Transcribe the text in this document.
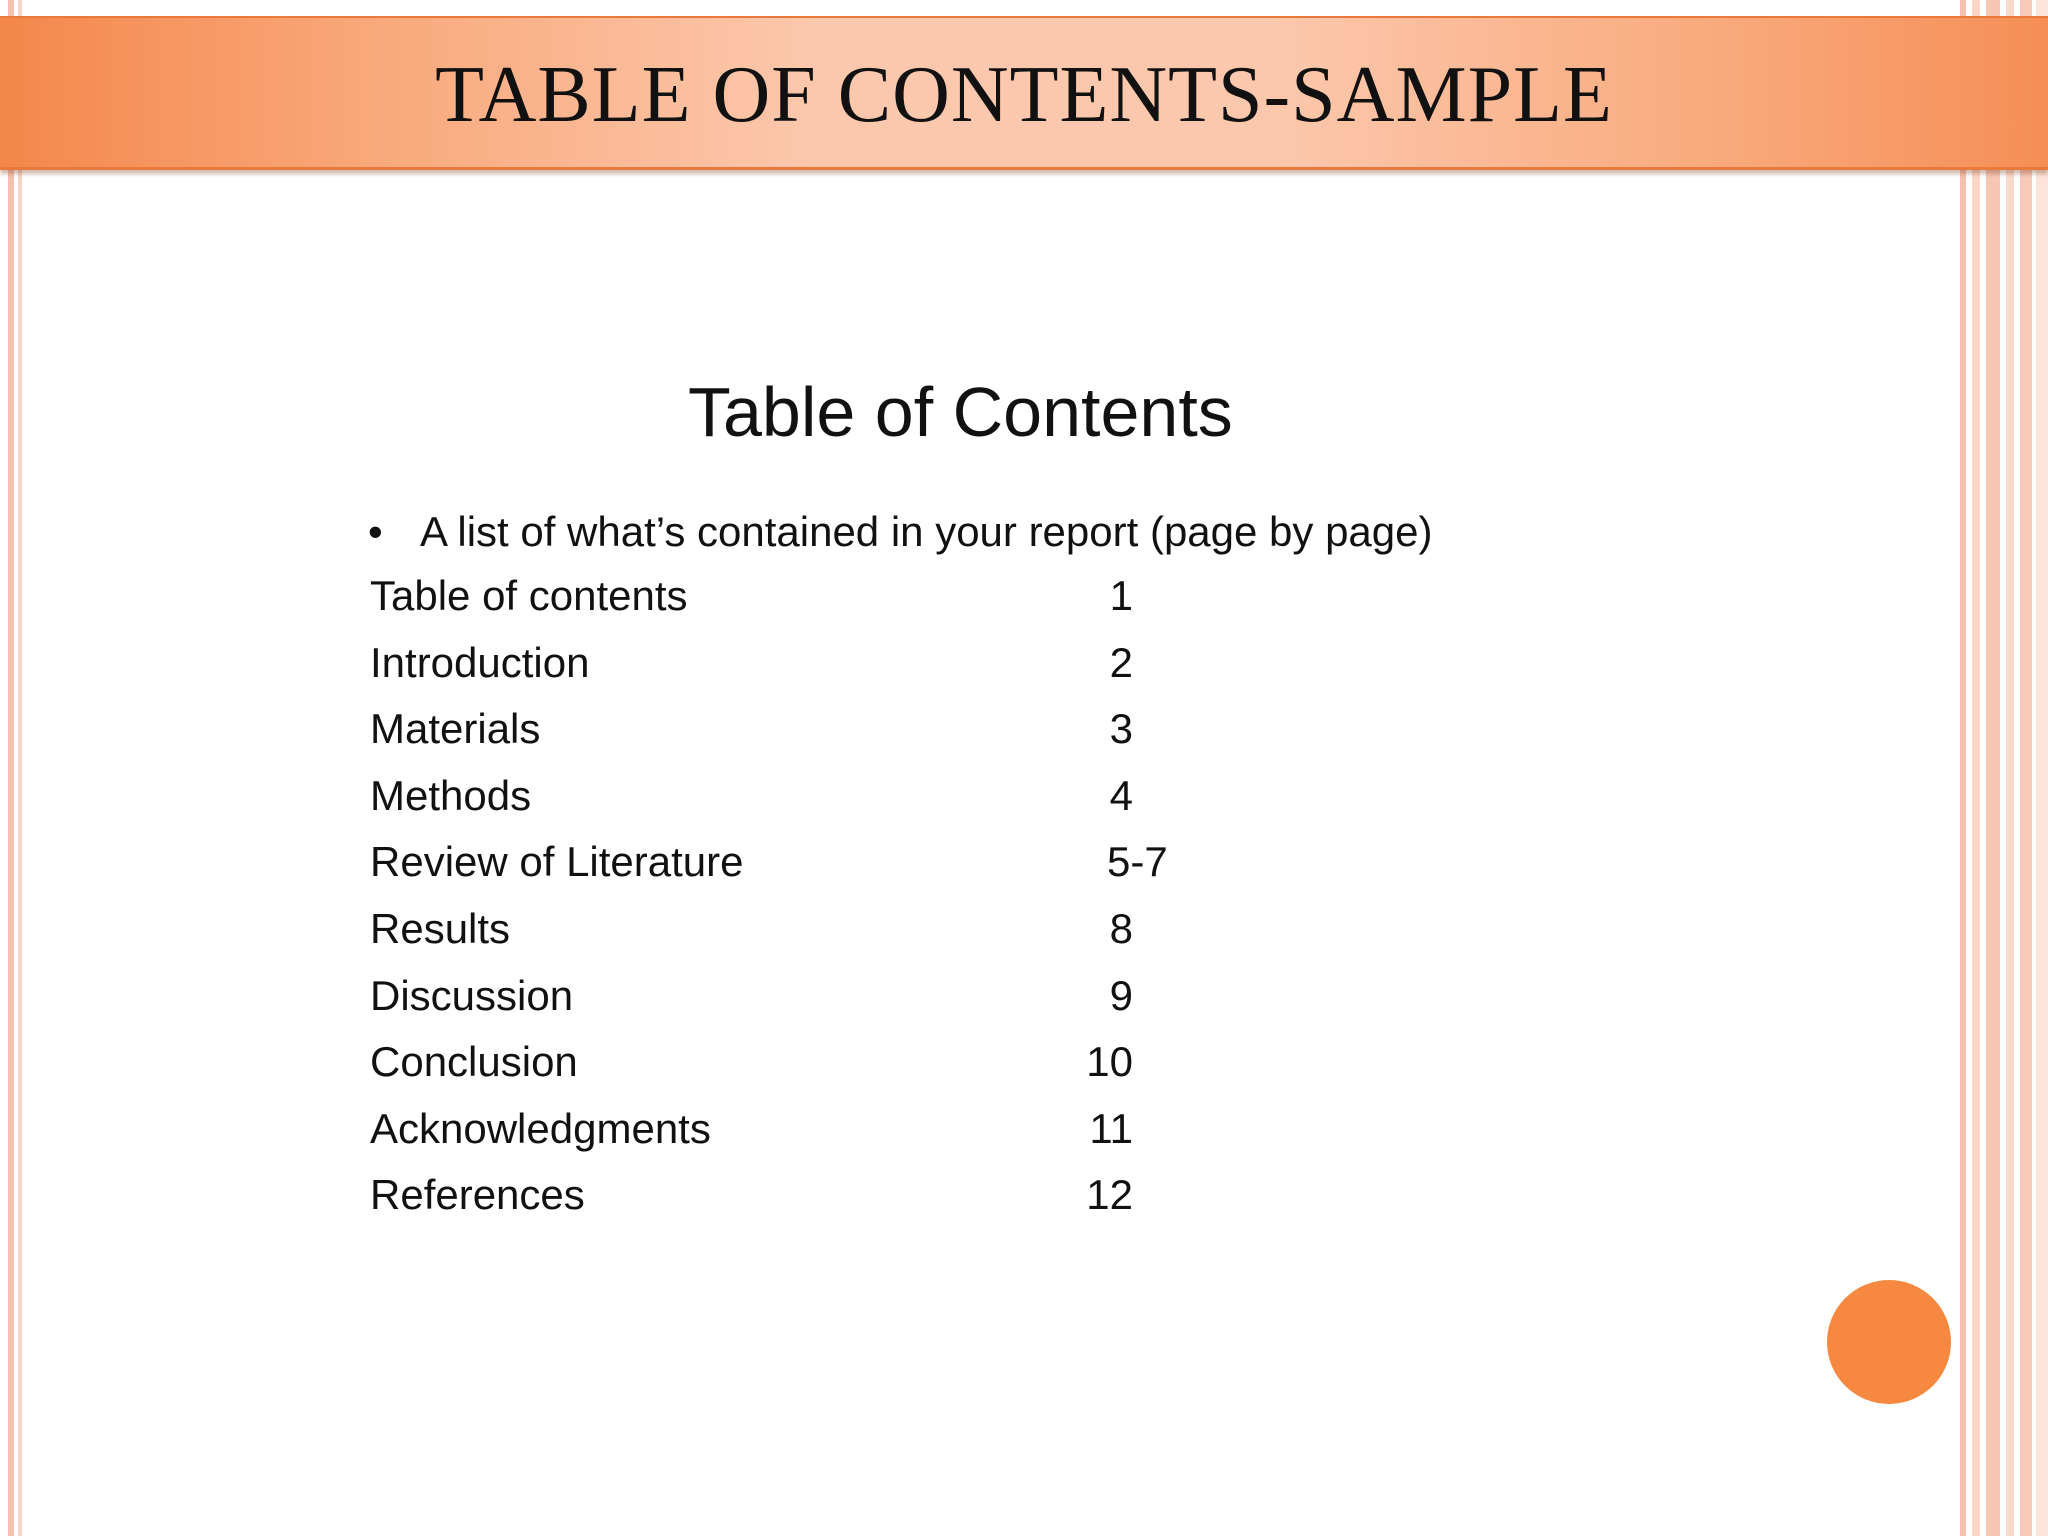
TABLE OF CONTENTS-SAMPLE
Table of Contents
• A list of what’s contained in your report (page by page)
Table of contents	1
Introduction	2
Materials	3
Methods	4
Review of Literature	5-7
Results	8
Discussion	9
Conclusion	10
Acknowledgments	11
References	12
